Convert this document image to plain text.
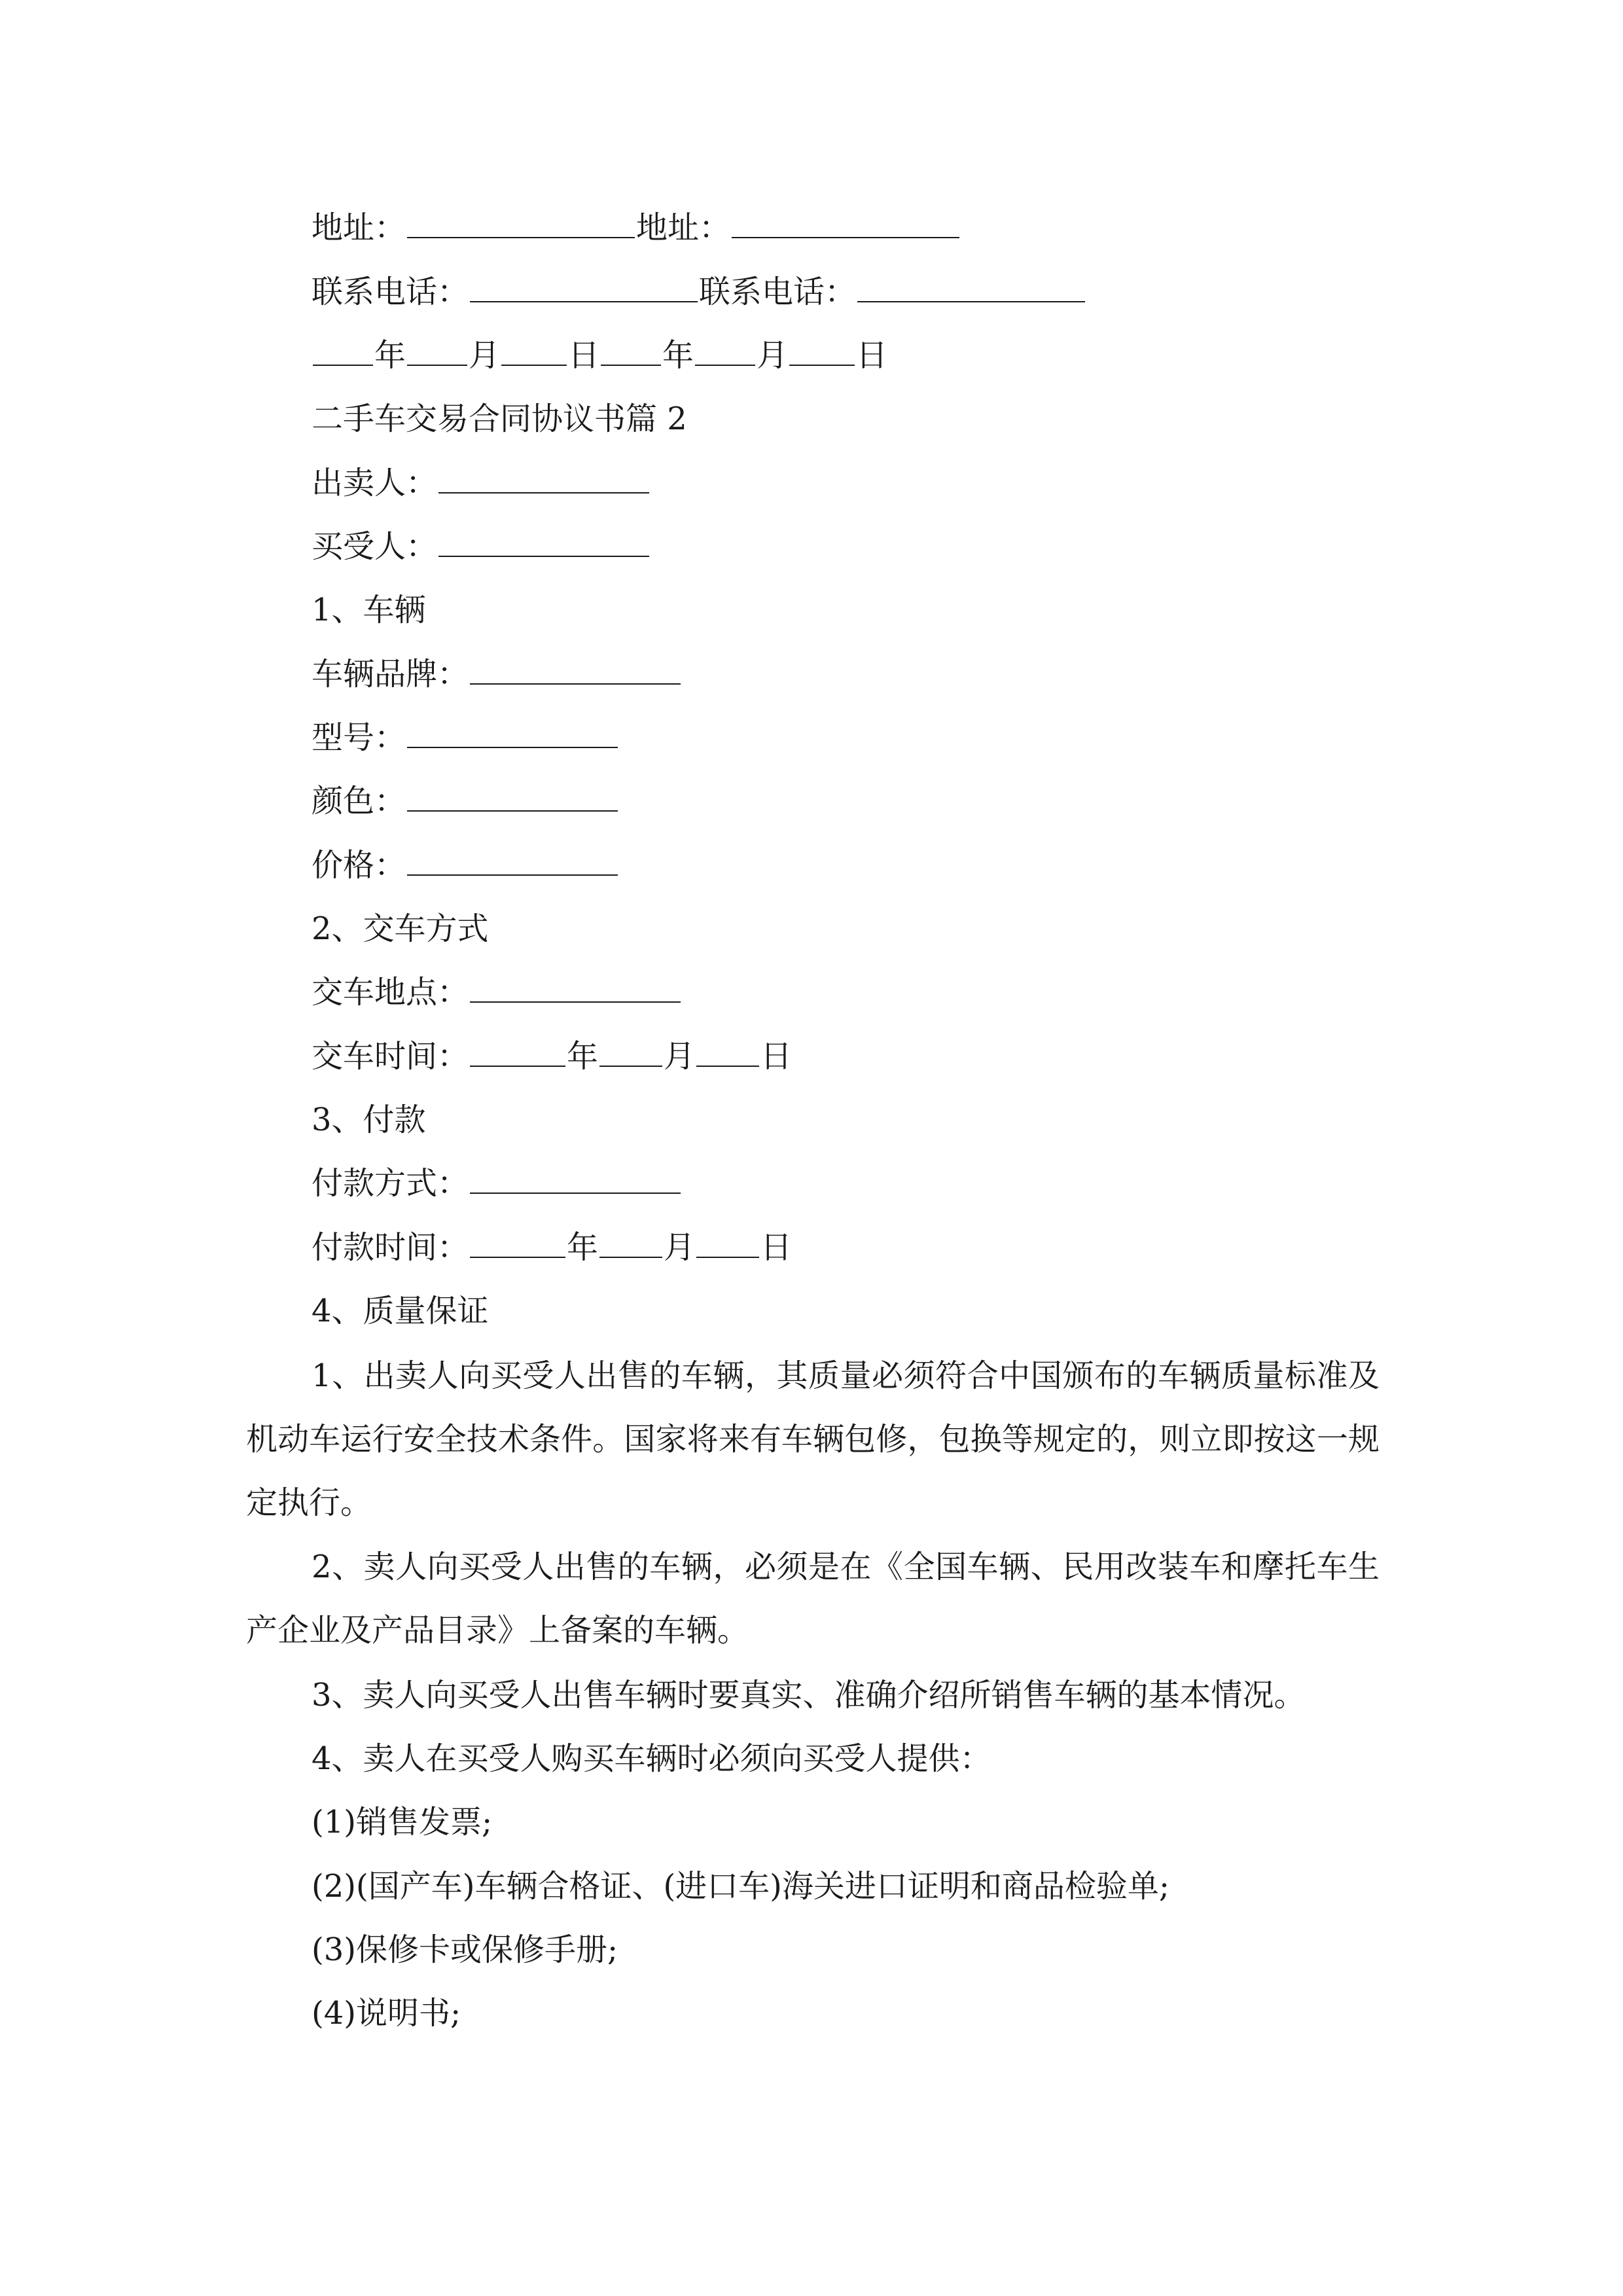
地址：	地址：
联系电话：	联系电话：
年 月 日 年 月 日
二手车交易合同协议书篇 2
出卖人：
买受人：
1、车辆
车辆品牌：
型号：
颜色：
价格：
2、交车方式
交车地点：
交车时间：	年 月 日
3、付款
付款方式：
付款时间：	年 月 日
4、质量保证
1、出卖人向买受人出售的车辆，其质量必须符合中国颁布的车辆质量标准及机动车运行安全技术条件。国家将来有车辆包修，包换等规定的，则立即按这一规定执行。
2、卖人向买受人出售的车辆，必须是在《全国车辆、民用改装车和摩托车生产企业及产品目录》上备案的车辆。
3、卖人向买受人出售车辆时要真实、准确介绍所销售车辆的基本情况。
4、卖人在买受人购买车辆时必须向买受人提供：
(1)销售发票;
(2)(国产车)车辆合格证、(进口车)海关进口证明和商品检验单;
(3)保修卡或保修手册;
(4)说明书;
